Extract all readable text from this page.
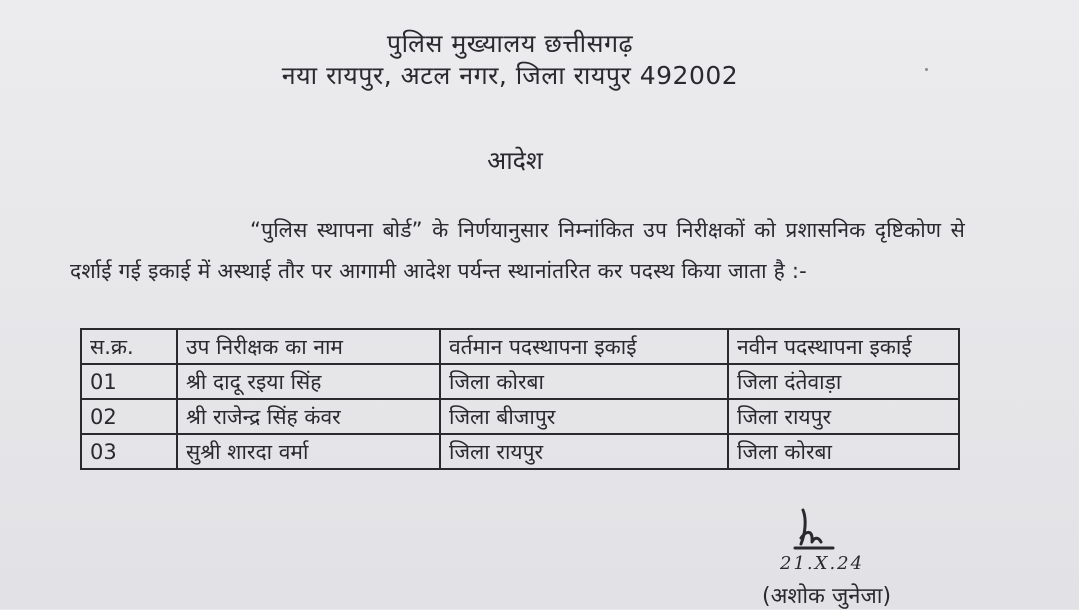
पुलिस मुख्यालय छत्तीसगढ़
नया रायपुर, अटल नगर, जिला रायपुर 492002
आदेश
“पुलिस स्थापना बोर्ड” के निर्णयानुसार निम्नांकित उप निरीक्षकों को प्रशासनिक दृष्टिकोण से दर्शाई गई इकाई में अस्थाई तौर पर आगामी आदेश पर्यन्त स्थानांतरित कर पदस्थ किया जाता है :-
स.क्र.	उप निरीक्षक का नाम	वर्तमान पदस्थापना इकाई	नवीन पदस्थापना इकाई
01	श्री दादू रइया सिंह	जिला कोरबा	जिला दंतेवाड़ा
02	श्री राजेन्द्र सिंह कंवर	जिला बीजापुर	जिला रायपुर
03	सुश्री शारदा वर्मा	जिला रायपुर	जिला कोरबा
21.X.24
(अशोक जुनेजा)
